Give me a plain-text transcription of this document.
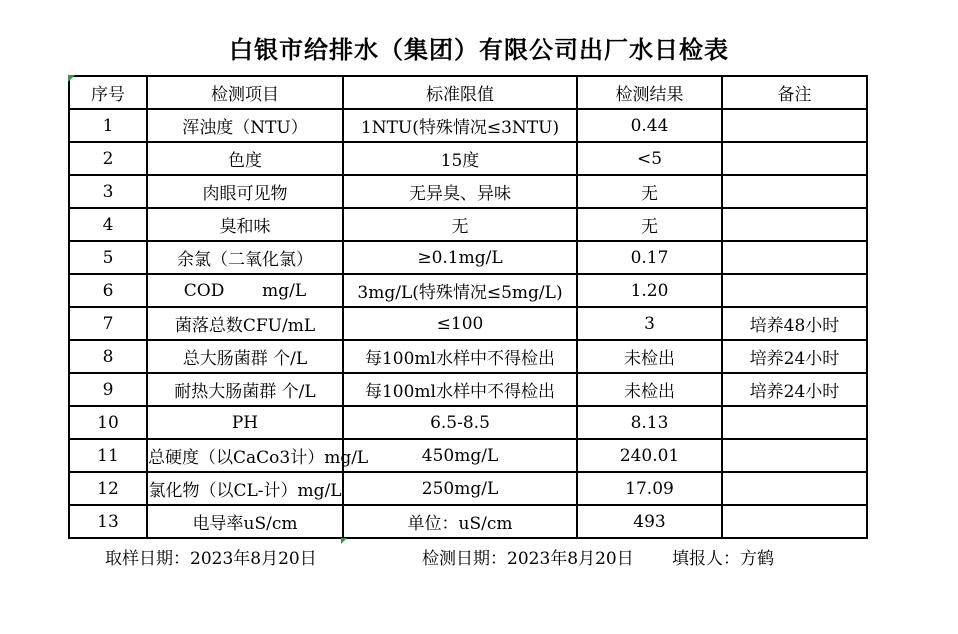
白银市给排水（集团）有限公司出厂水日检表
序号	检测项目	标准限值	检测结果	备注
1	浑浊度（NTU）	1NTU(特殊情况≤3NTU)	0.44	
2	色度	15度	<5	
3	肉眼可见物	无异臭、异味	无	
4	臭和味	无	无	
5	余氯（二氧化氯）	≥0.1mg/L	0.17	
6	COD       mg/L	3mg/L(特殊情况≤5mg/L)	1.20	
7	菌落总数CFU/mL	≤100	3	培养48小时
8	总大肠菌群 个/L	每100ml水样中不得检出	未检出	培养24小时
9	耐热大肠菌群 个/L	每100ml水样中不得检出	未检出	培养24小时
10	PH	6.5-8.5	8.13	
11	总硬度（以CaCo3计）mg/L	450mg/L	240.01	
12	氯化物（以CL-计）mg/L	250mg/L	17.09	
13	电导率uS/cm	单位：uS/cm	493	
取样日期：2023年8月20日	检测日期：2023年8月20日 填报人：方鹤
